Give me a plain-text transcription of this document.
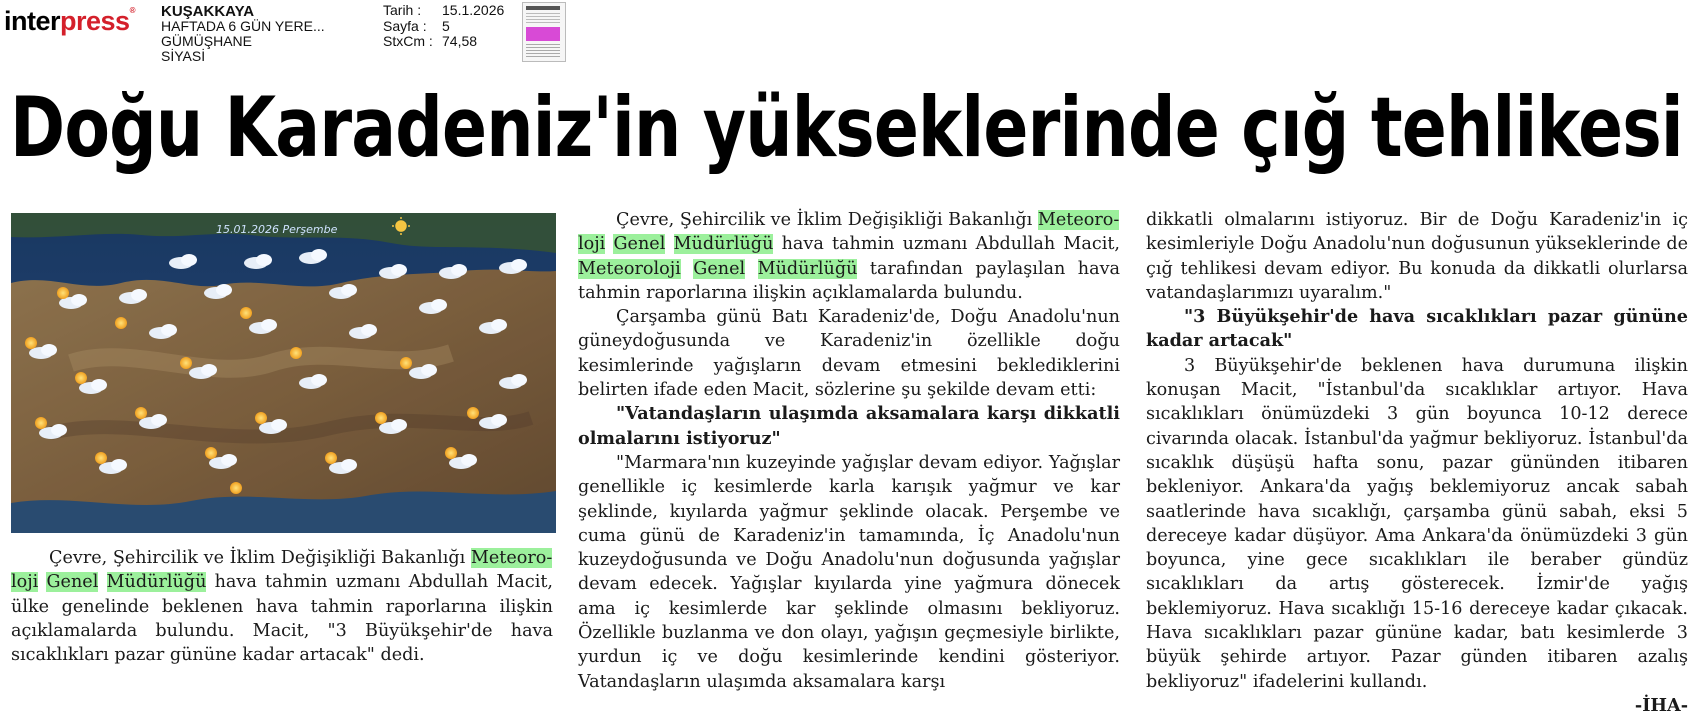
interpress® KUŞAKKAYA
HAFTADA 6 GÜN YERE...
GÜMÜŞHANE
SİYASİ
Tarih :	15.1.2026
Sayfa :	5
StxCm : 74,58
Doğu Karadeniz'in yükseklerinde çığ tehlikesi
15.01.2026 Perşembe

Çevre, Şehircilik ve İklim Değişikliği Bakanlığı Meteoro-
loji Genel Müdürlüğü hava tahmin uzmanı Abdullah Macit, ülke genelinde beklenen hava tahmin raporlarına ilişkin açıklamalarda bulundu. Macit, "3 Büyükşehir'de hava sıcaklıkları pazar gününe kadar artacak" dedi.

Çevre, Şehircilik ve İklim Değişikliği Bakanlığı Meteoro-
loji Genel Müdürlüğü hava tahmin uzmanı Abdullah Macit, Meteoroloji Genel Müdürlüğü tarafından paylaşılan hava tahmin raporlarına ilişkin açıklamalarda bulundu.

Çarşamba günü Batı Karadeniz'de, Doğu Anadolu'nun güneydoğusunda ve Karadeniz'in özellikle doğu kesimlerinde yağışların devam etmesini beklediklerini belirten ifade eden Macit, sözlerine şu şekilde devam etti:

"Vatandaşların ulaşımda aksamalara karşı dikkatli olmalarını istiyoruz"

"Marmara'nın kuzeyinde yağışlar devam ediyor. Yağışlar genellikle iç kesimlerde karla karışık yağmur ve kar şeklinde, kıyılarda yağmur şeklinde olacak. Perşembe ve cuma günü de Karadeniz'in tamamında, İç Anadolu'nun kuzeydoğusunda ve Doğu Anadolu'nun doğusunda yağışlar devam edecek. Yağışlar kıyılarda yine yağmura dönecek ama iç kesimlerde kar şeklinde olmasını bekliyoruz. Özellikle buzlanma ve don olayı, yağışın geçmesiyle birlikte, yurdun iç ve doğu kesimlerinde kendini gösteriyor. Vatandaşların ulaşımda aksamalara karşı

dikkatli olmalarını istiyoruz. Bir de Doğu Karadeniz'in iç kesimleriyle Doğu Anadolu'nun doğusunun yükseklerinde de çığ tehlikesi devam ediyor. Bu konuda da dikkatli olurlarsa vatandaşlarımızı uyaralım."

"3 Büyükşehir'de hava sıcaklıkları pazar gününe kadar artacak"

3 Büyükşehir'de beklenen hava durumuna ilişkin konuşan Macit, "İstanbul'da sıcaklıklar artıyor. Hava sıcaklıkları önümüzdeki 3 gün boyunca 10-12 derece civarında olacak. İstanbul'da yağmur bekliyoruz. İstanbul'da sıcaklık düşüşü hafta sonu, pazar gününden itibaren bekleniyor. Ankara'da yağış beklemiyoruz ancak sabah saatlerinde hava sıcaklığı, çarşamba günü sabah, eksi 5 dereceye kadar düşüyor. Ama Ankara'da önümüzdeki 3 gün boyunca, yine gece sıcaklıkları ile beraber gündüz sıcaklıkları da artış gösterecek. İzmir'de yağış beklemiyoruz. Hava sıcaklığı 15-16 dereceye kadar çıkacak. Hava sıcaklıkları pazar gününe kadar, batı kesimlerde 3 büyük şehirde artıyor. Pazar günden itibaren azalış bekliyoruz" ifadelerini kullandı.

-İHA-
